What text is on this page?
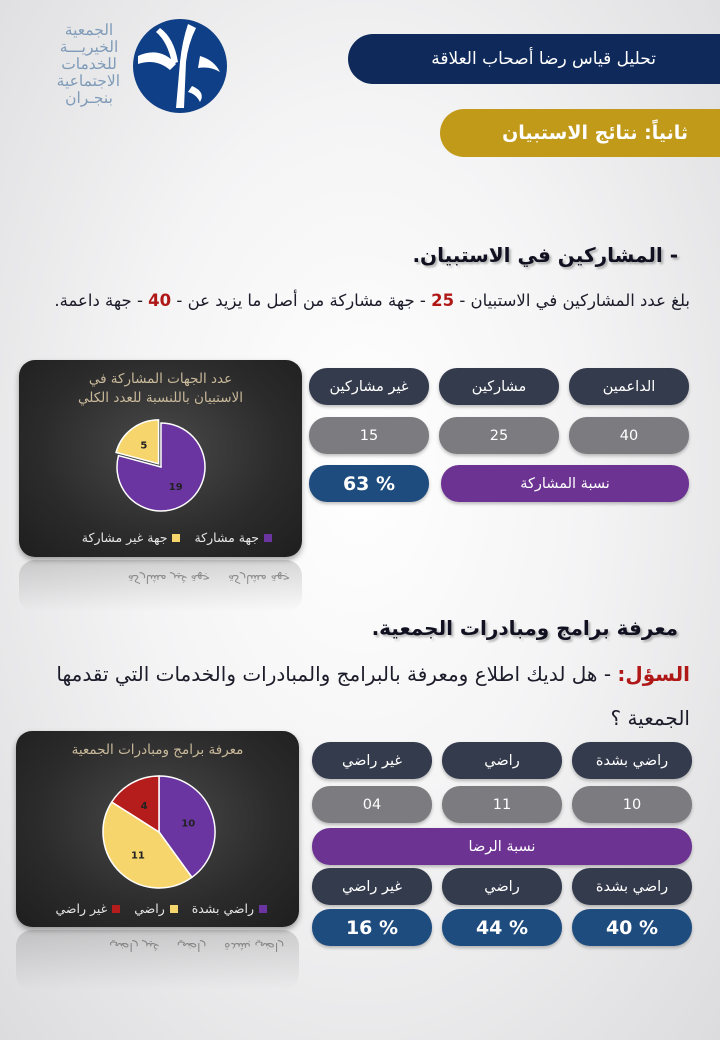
الجمعية
الخيريـــة
للخدمات
الاجتماعية
بنجـران
تحليل قياس رضا أصحاب العلاقة
ثانياً: نتائج الاستبيان
- المشاركين في الاستبيان.
بلغ عدد المشاركين في الاستبيان - 25 - جهة مشاركة من أصل ما يزيد عن - 40 - جهة داعمة.
الداعمين
مشاركين
غير مشاركين
40
25
15
نسبة المشاركة
% 63
عدد الجهات المشاركة في
الاستبيان باللنسبة للعدد الكلي
19
5
جهة مشاركة
جهة غير مشاركة
جهة مشاركة
جهة غير مشاركة
معرفة برامج ومبادرات الجمعية.
السؤل: - هل لديك اطلاع ومعرفة بالبرامج والمبادرات والخدمات التي تقدمها الجمعية ؟
راضي بشدة
راضي
غير راضي
10
11
04
نسبة الرضا
راضي بشدة
راضي
غير راضي
% 40
% 44
% 16
معرفة برامج ومبادرات الجمعية
10
11
4
راضي بشدة
راضي
غير راضي
راضي بشدة
راضي
غير راضي
